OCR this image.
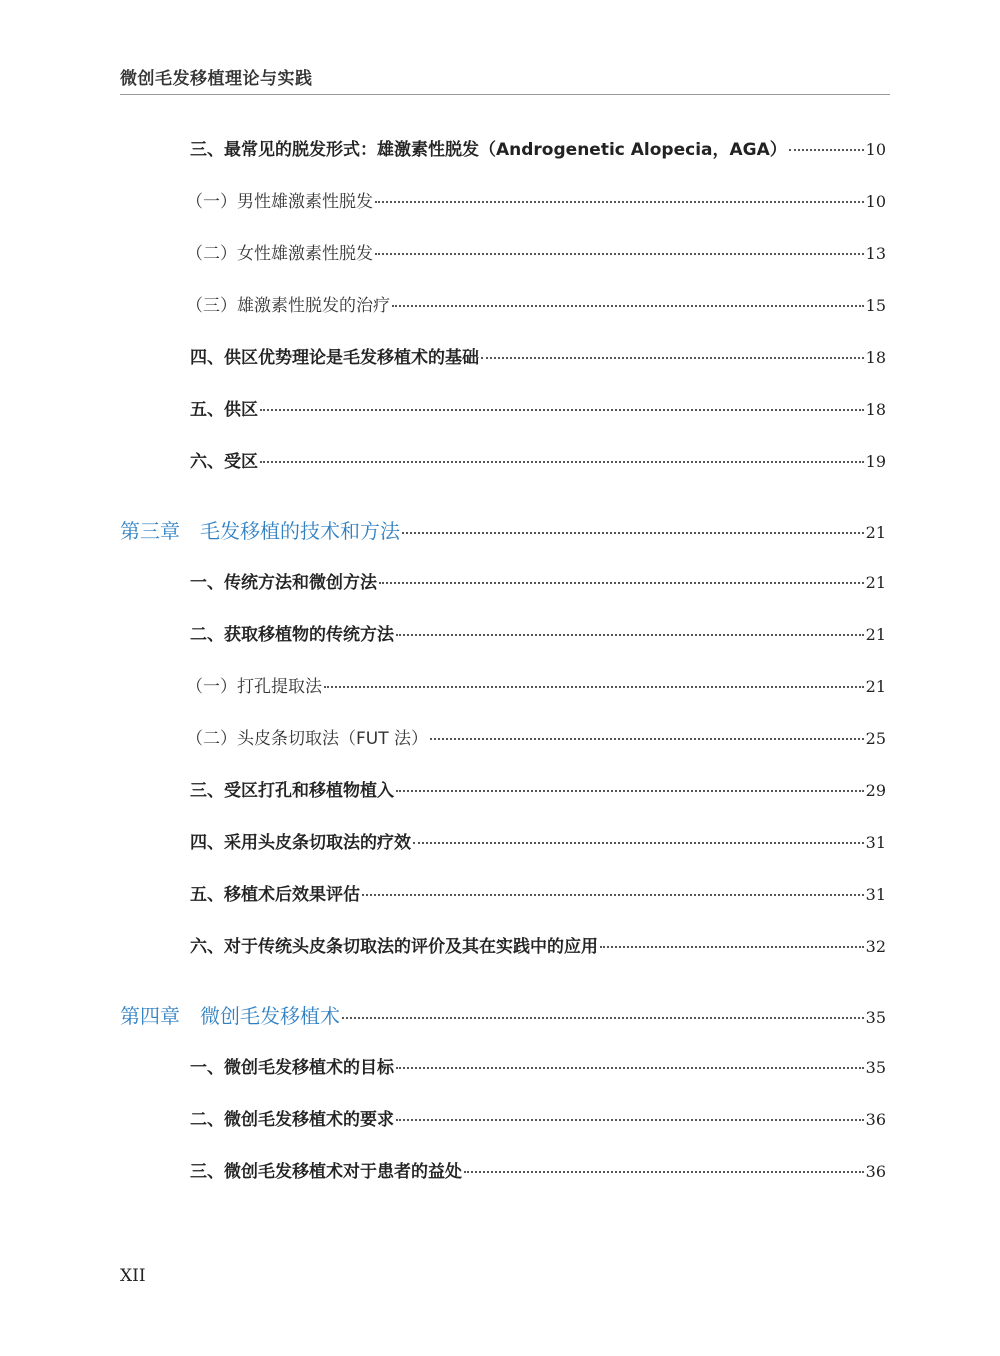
微创毛发移植理论与实践
三、最常见的脱发形式：雄激素性脱发（Androgenetic Alopecia，AGA）	10
（一）男性雄激素性脱发	10
（二）女性雄激素性脱发	13
（三）雄激素性脱发的治疗	15
四、供区优势理论是毛发移植术的基础	18
五、供区	18
六、受区	19
第三章 毛发移植的技术和方法	21
一、传统方法和微创方法	21
二、获取移植物的传统方法	21
（一）打孔提取法	21
（二）头皮条切取法（FUT 法）	25
三、受区打孔和移植物植入	29
四、采用头皮条切取法的疗效	31
五、移植术后效果评估	31
六、对于传统头皮条切取法的评价及其在实践中的应用	32
第四章 微创毛发移植术	35
一、微创毛发移植术的目标	35
二、微创毛发移植术的要求	36
三、微创毛发移植术对于患者的益处	36
XII
